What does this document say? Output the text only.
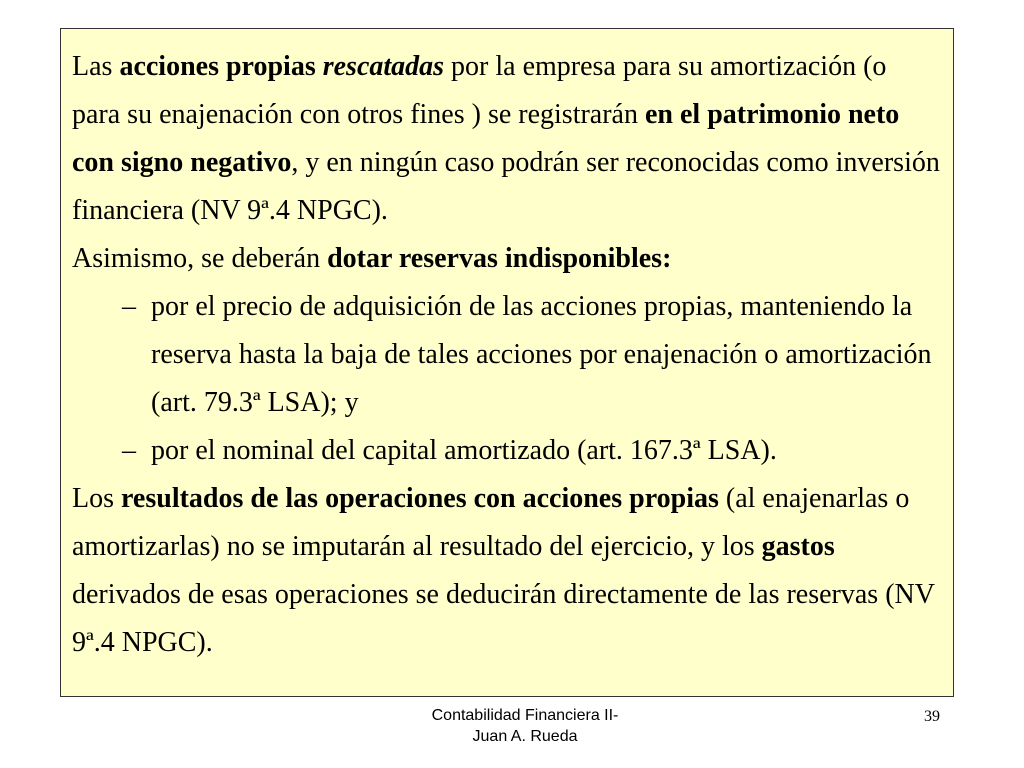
Las acciones propias rescatadas por la empresa para su amortización (o para su enajenación con otros fines ) se registrarán en el patrimonio neto con signo negativo, y en ningún caso podrán ser reconocidas como inversión financiera (NV 9ª.4 NPGC).

Asimismo, se deberán dotar reservas indisponibles:

– por el precio de adquisición de las acciones propias, manteniendo la reserva hasta la baja de tales acciones por enajenación o amortización (art. 79.3ª LSA); y

– por el nominal del capital amortizado (art. 167.3ª LSA).

Los resultados de las operaciones con acciones propias (al enajenarlas o amortizarlas) no se imputarán al resultado del ejercicio, y los gastos derivados de esas operaciones se deducirán directamente de las reservas (NV 9ª.4 NPGC).

Contabilidad Financiera II-
Juan A. Rueda
39
